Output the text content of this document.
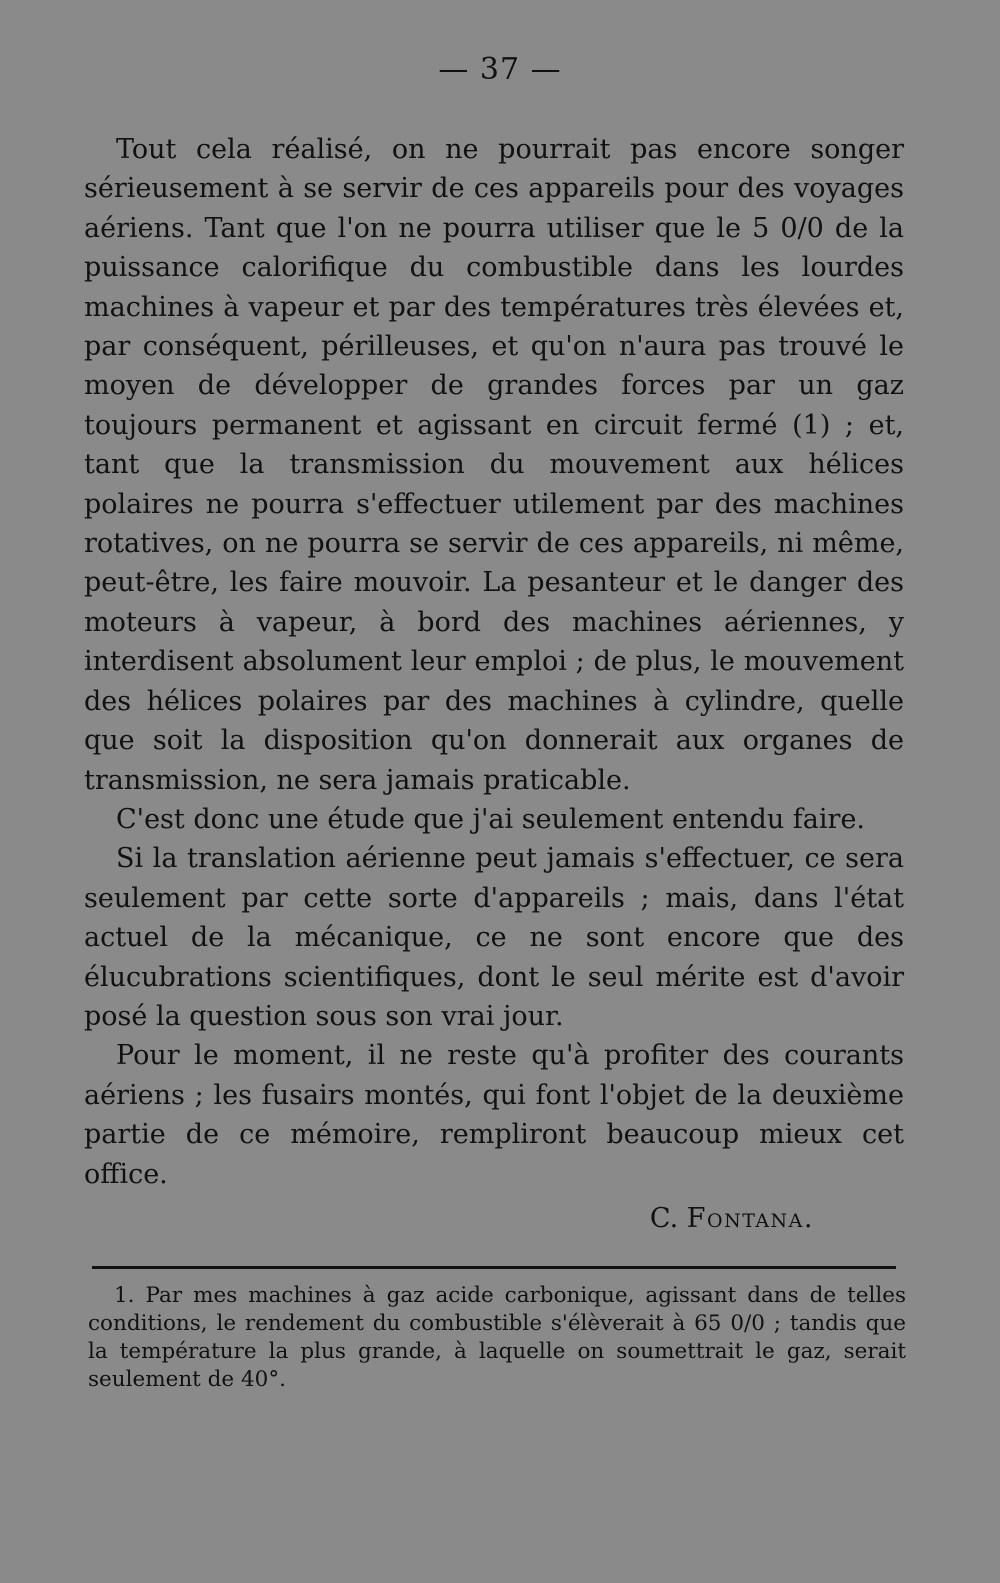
— 37 —

Tout cela réalisé, on ne pourrait pas encore songer sérieusement à se servir de ces appareils pour des voyages aériens. Tant que l'on ne pourra utiliser que le 5 0/0 de la puissance calorifique du combustible dans les lourdes machines à vapeur et par des températures très élevées et, par conséquent, périlleuses, et qu'on n'aura pas trouvé le moyen de développer de grandes forces par un gaz toujours permanent et agissant en circuit fermé (1) ; et, tant que la transmission du mouvement aux hélices polaires ne pourra s'effectuer utilement par des machines rotatives, on ne pourra se servir de ces appareils, ni même, peut-être, les faire mouvoir. La pesanteur et le danger des moteurs à vapeur, à bord des machines aériennes, y interdisent absolument leur emploi ; de plus, le mouvement des hélices polaires par des machines à cylindre, quelle que soit la disposition qu'on donnerait aux organes de transmission, ne sera jamais praticable.

C'est donc une étude que j'ai seulement entendu faire.

Si la translation aérienne peut jamais s'effectuer, ce sera seulement par cette sorte d'appareils ; mais, dans l'état actuel de la mécanique, ce ne sont encore que des élucubrations scientifiques, dont le seul mérite est d'avoir posé la question sous son vrai jour.

Pour le moment, il ne reste qu'à profiter des courants aériens ; les fusairs montés, qui font l'objet de la deuxième partie de ce mémoire, rempliront beaucoup mieux cet office.

C. Fontana.

1. Par mes machines à gaz acide carbonique, agissant dans de telles conditions, le rendement du combustible s'élèverait à 65 0/0 ; tandis que la température la plus grande, à laquelle on soumettrait le gaz, serait seulement de 40°.
